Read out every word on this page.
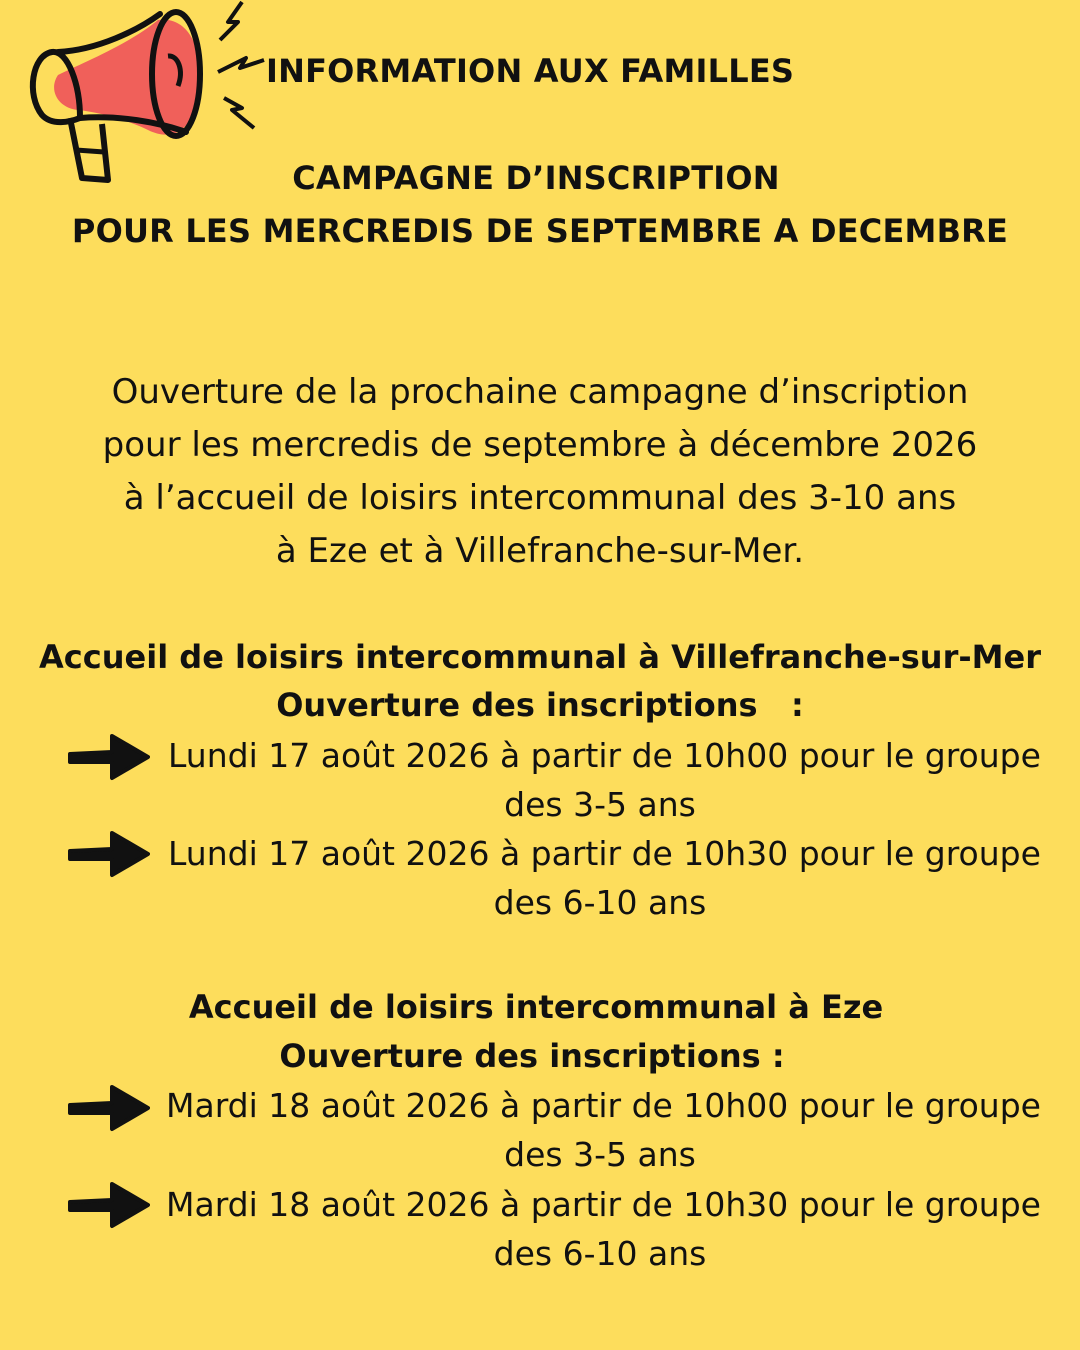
INFORMATION AUX FAMILLES
CAMPAGNE D’INSCRIPTION
POUR LES MERCREDIS DE SEPTEMBRE A DECEMBRE
Ouverture de la prochaine campagne d’inscription
pour les mercredis de septembre à décembre 2026
à l’accueil de loisirs intercommunal des 3-10 ans
à Eze et à Villefranche-sur-Mer.
Accueil de loisirs intercommunal à Villefranche-sur-Mer
Ouverture des inscriptions   :
Lundi 17 août 2026 à partir de 10h00 pour le groupe
des 3-5 ans
Lundi 17 août 2026 à partir de 10h30 pour le groupe
des 6-10 ans
Accueil de loisirs intercommunal à Eze
Ouverture des inscriptions :
Mardi 18 août 2026 à partir de 10h00 pour le groupe
des 3-5 ans
Mardi 18 août 2026 à partir de 10h30 pour le groupe
des 6-10 ans
